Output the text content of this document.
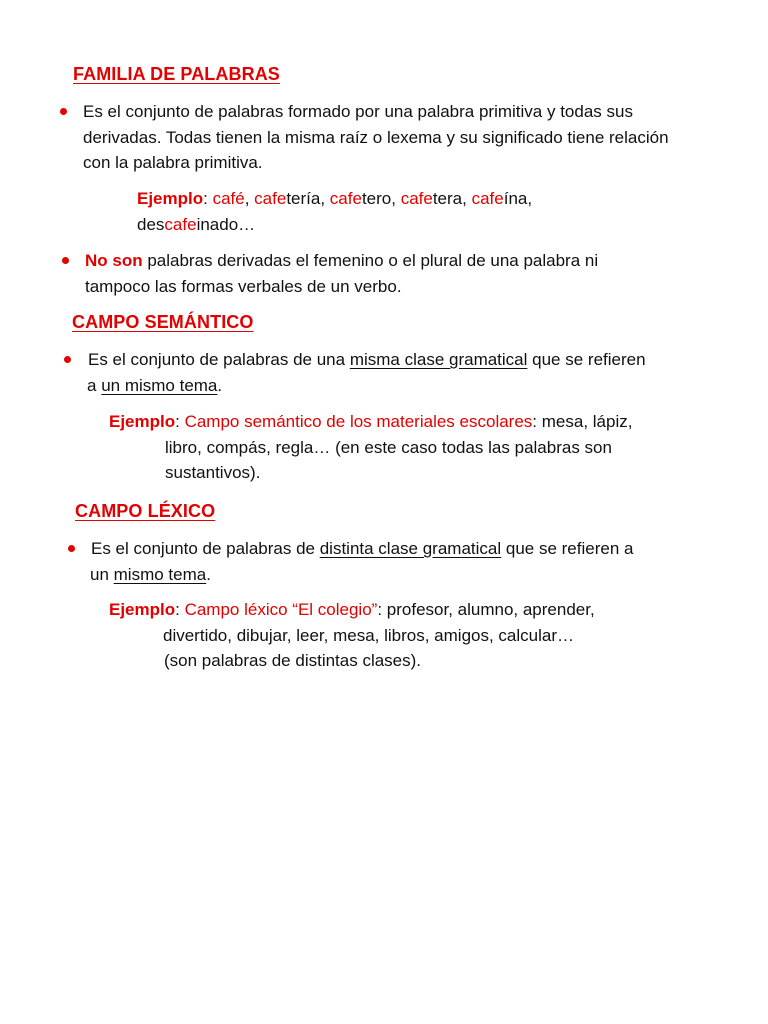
FAMILIA DE PALABRAS
Es el conjunto de palabras formado por una palabra primitiva y todas sus
derivadas. Todas tienen la misma raíz o lexema y su significado tiene relación
con la palabra primitiva.
Ejemplo: café, cafetería, cafetero, cafetera, cafeína,
descafeinado…
No son palabras derivadas el femenino o el plural de una palabra ni
tampoco las formas verbales de un verbo.
CAMPO SEMÁNTICO
Es el conjunto de palabras de una misma clase gramatical que se refieren
a un mismo tema.
Ejemplo: Campo semántico de los materiales escolares: mesa, lápiz,
libro, compás, regla… (en este caso todas las palabras son
sustantivos).
CAMPO LÉXICO
Es el conjunto de palabras de distinta clase gramatical que se refieren a
un mismo tema.
Ejemplo: Campo léxico “El colegio”: profesor, alumno, aprender,
divertido, dibujar, leer, mesa, libros, amigos, calcular…
(son palabras de distintas clases).
